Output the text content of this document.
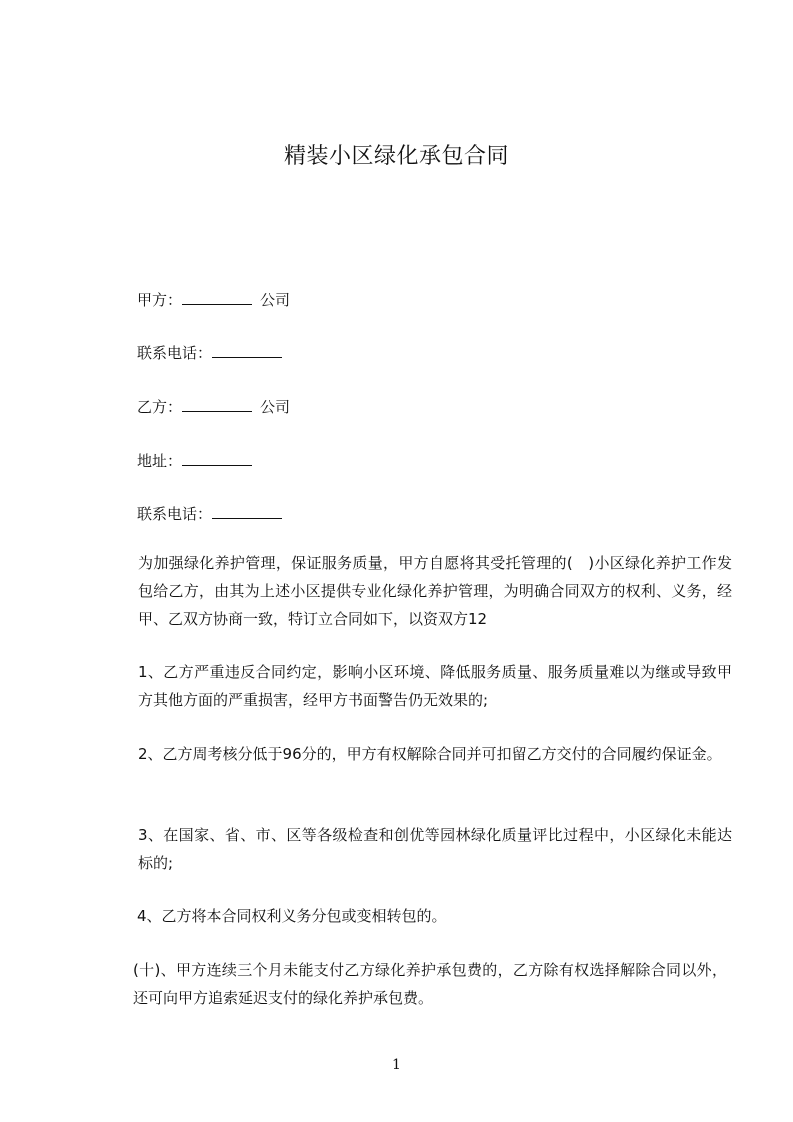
精装小区绿化承包合同
甲方：	公司
联系电话：
乙方：	公司
地址：
联系电话：
为加强绿化养护管理，保证服务质量，甲方自愿将其受托管理的(　)小区绿化养护工作发包给乙方，由其为上述小区提供专业化绿化养护管理，为明确合同双方的权利、义务，经甲、乙双方协商一致，特订立合同如下，以资双方12
1、乙方严重违反合同约定，影响小区环境、降低服务质量、服务质量难以为继或导致甲方其他方面的严重损害，经甲方书面警告仍无效果的;
2、乙方周考核分低于96分的，甲方有权解除合同并可扣留乙方交付的合同履约保证金。
3、在国家、省、市、区等各级检查和创优等园林绿化质量评比过程中，小区绿化未能达标的;
4、乙方将本合同权利义务分包或变相转包的。
(十)、甲方连续三个月未能支付乙方绿化养护承包费的，乙方除有权选择解除合同以外，还可向甲方追索延迟支付的绿化养护承包费。
1
